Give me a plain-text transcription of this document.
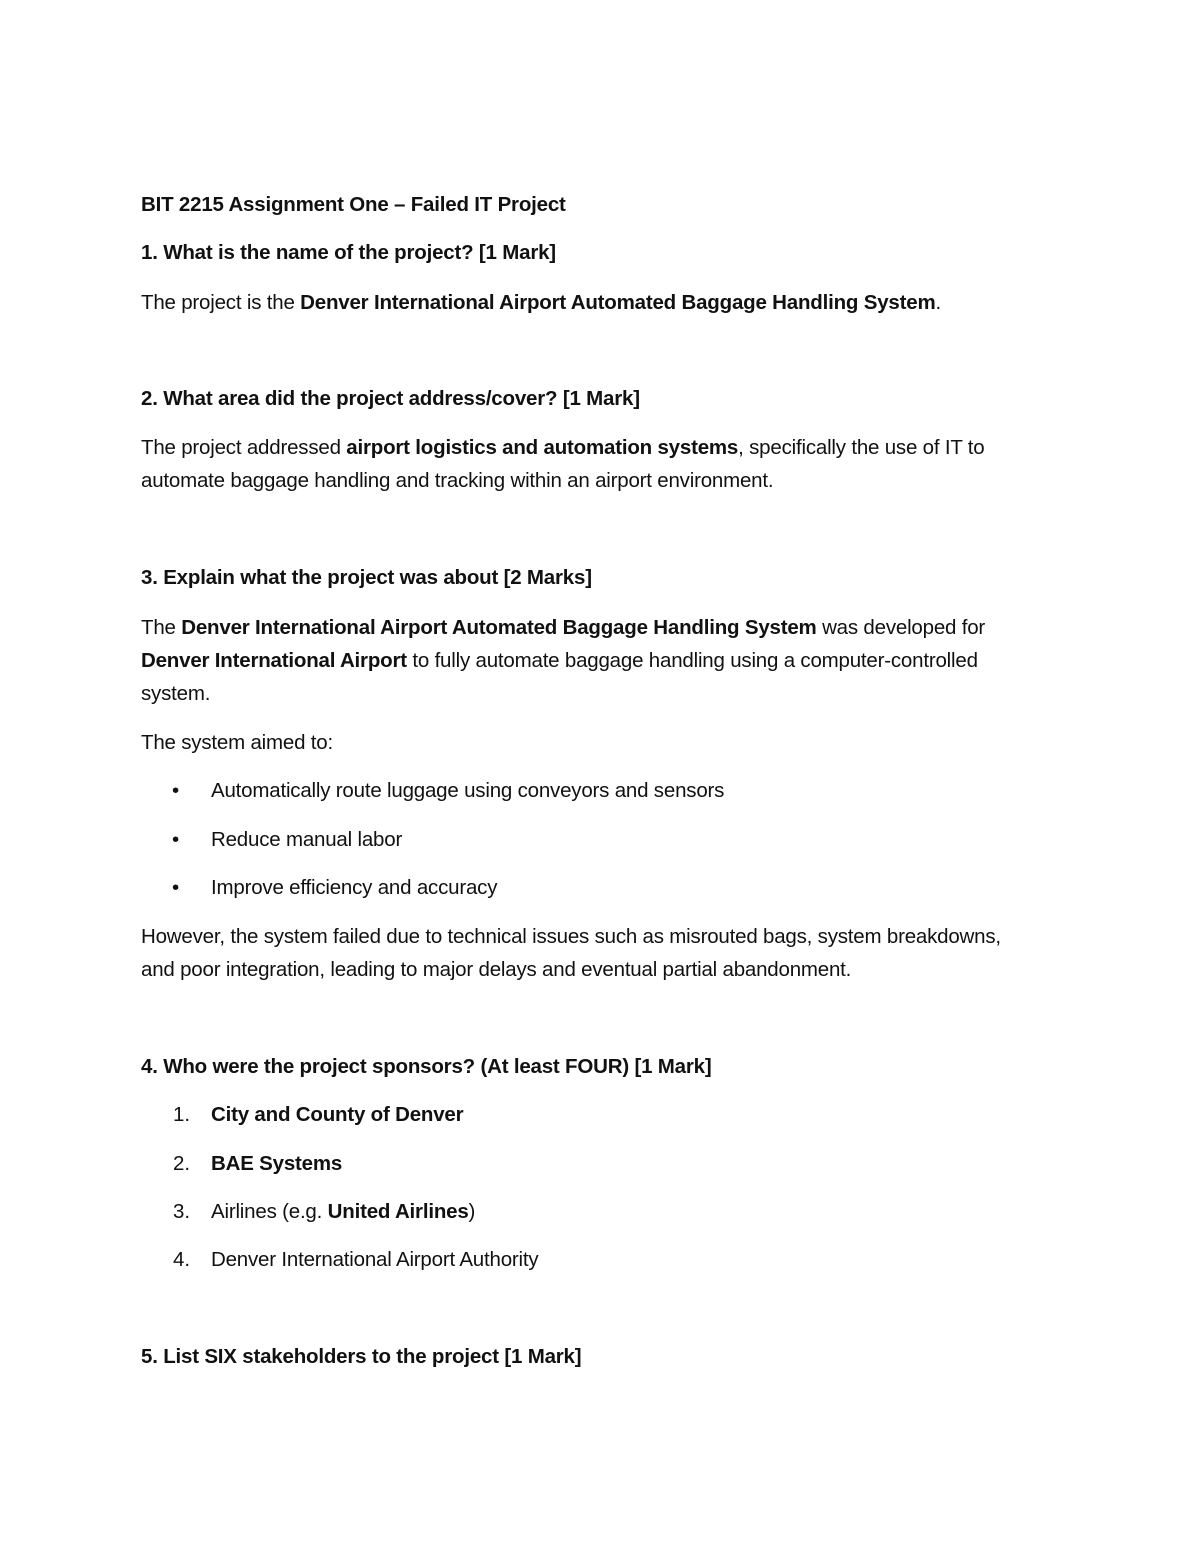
BIT 2215 Assignment One – Failed IT Project
1. What is the name of the project? [1 Mark]
The project is the Denver International Airport Automated Baggage Handling System.
2. What area did the project address/cover? [1 Mark]
The project addressed airport logistics and automation systems, specifically the use of IT to
automate baggage handling and tracking within an airport environment.
3. Explain what the project was about [2 Marks]
The Denver International Airport Automated Baggage Handling System was developed for
Denver International Airport to fully automate baggage handling using a computer-controlled
system.
The system aimed to:
• Automatically route luggage using conveyors and sensors
• Reduce manual labor
• Improve efficiency and accuracy
However, the system failed due to technical issues such as misrouted bags, system breakdowns,
and poor integration, leading to major delays and eventual partial abandonment.
4. Who were the project sponsors? (At least FOUR) [1 Mark]
1. City and County of Denver
2. BAE Systems
3. Airlines (e.g. United Airlines)
4. Denver International Airport Authority
5. List SIX stakeholders to the project [1 Mark]
